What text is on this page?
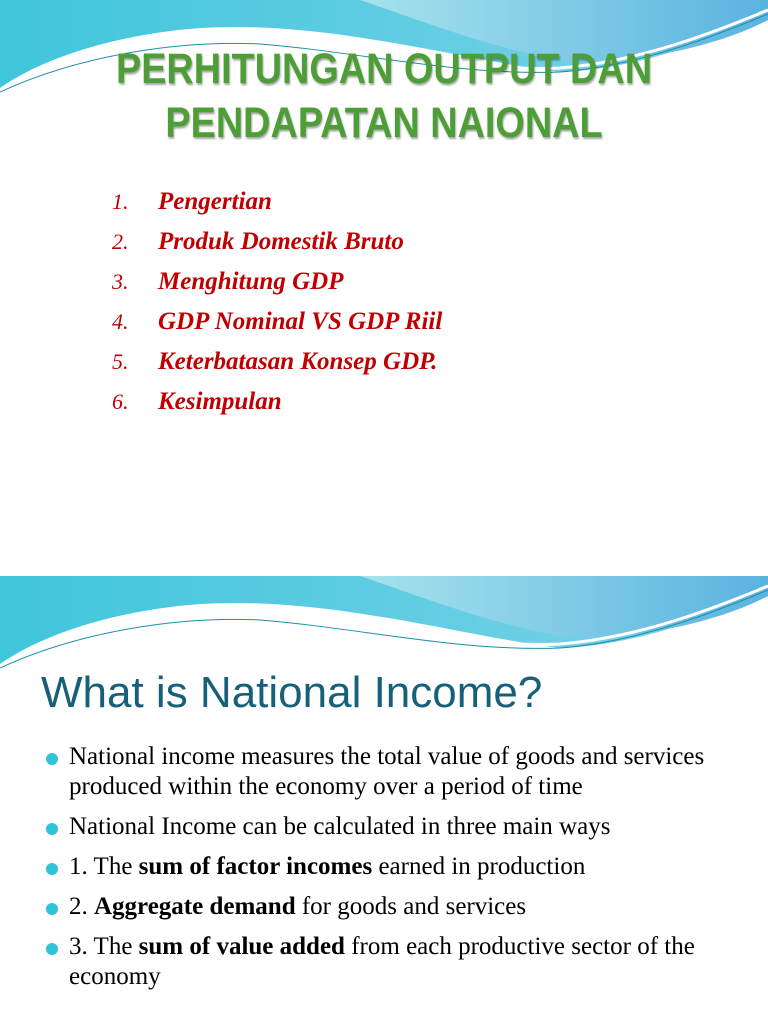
PERHITUNGAN OUTPUT DAN
PENDAPATAN NAIONAL
1.	Pengertian
2.	Produk Domestik Bruto
3.	Menghitung GDP
4.	GDP Nominal VS GDP Riil
5.	Keterbatasan Konsep GDP.
6.	Kesimpulan
What is National Income?
National income measures the total value of goods and services produced within the economy over a period of time
National Income can be calculated in three main ways
1. The sum of factor incomes earned in production
2. Aggregate demand for goods and services
3. The sum of value added from each productive sector of the economy
